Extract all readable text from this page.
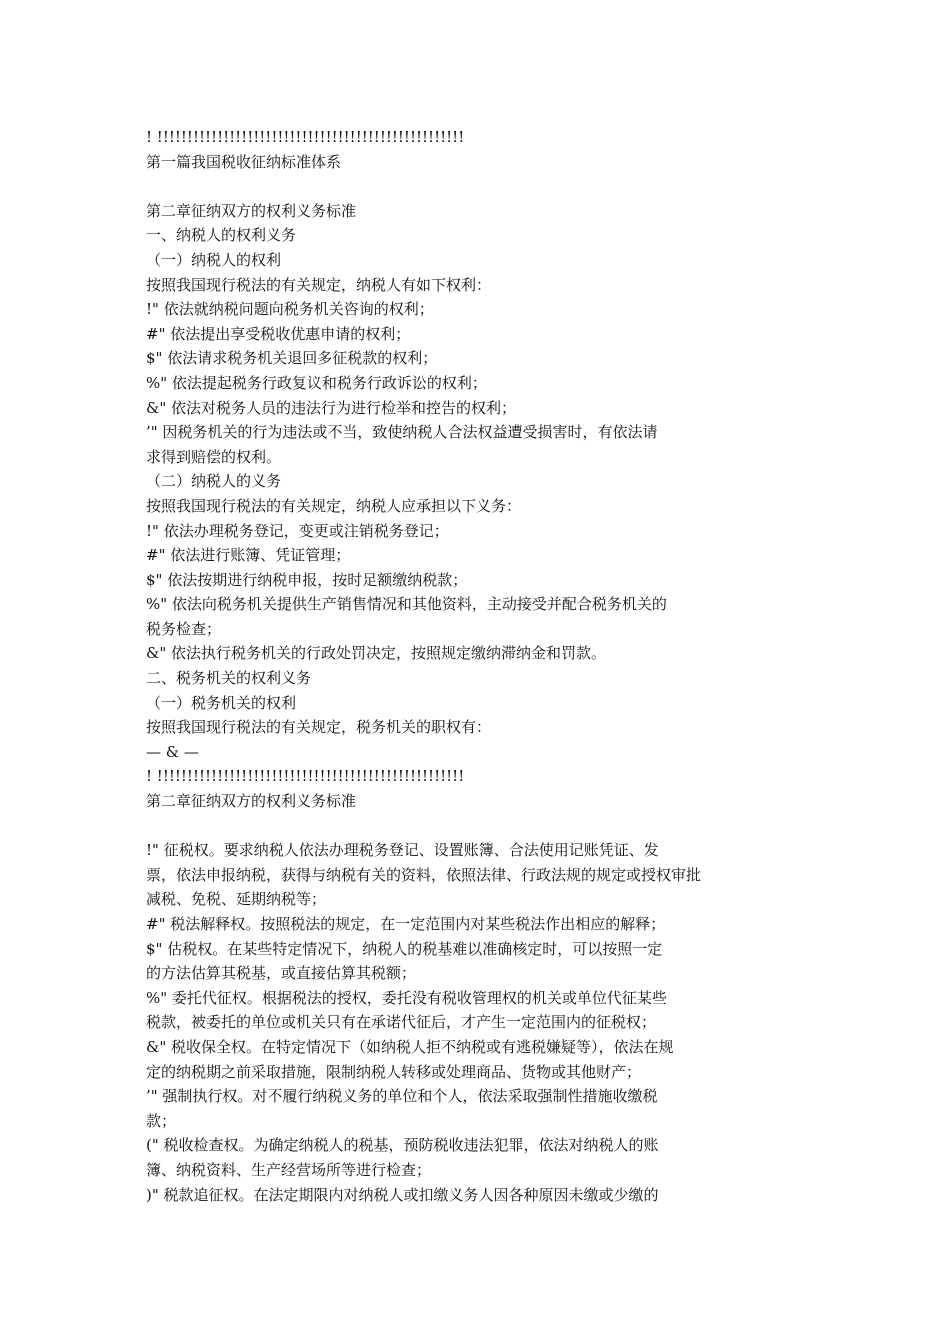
! !!!!!!!!!!!!!!!!!!!!!!!!!!!!!!!!!!!!!!!!!!!!!!!!!!!
第一篇我国税收征纳标准体系
第二章征纳双方的权利义务标准
一、纳税人的权利义务
（一）纳税人的权利
按照我国现行税法的有关规定，纳税人有如下权利：
!" 依法就纳税问题向税务机关咨询的权利；
#" 依法提出享受税收优惠申请的权利；
$" 依法请求税务机关退回多征税款的权利；
%" 依法提起税务行政复议和税务行政诉讼的权利；
&" 依法对税务人员的违法行为进行检举和控告的权利；
’" 因税务机关的行为违法或不当，致使纳税人合法权益遭受损害时，有依法请
求得到赔偿的权利。
（二）纳税人的义务
按照我国现行税法的有关规定，纳税人应承担以下义务：
!" 依法办理税务登记，变更或注销税务登记；
#" 依法进行账簿、凭证管理；
$" 依法按期进行纳税申报，按时足额缴纳税款；
%" 依法向税务机关提供生产销售情况和其他资料，主动接受并配合税务机关的
税务检查；
&" 依法执行税务机关的行政处罚决定，按照规定缴纳滞纳金和罚款。
二、税务机关的权利义务
（一）税务机关的权利
按照我国现行税法的有关规定，税务机关的职权有：
— & —
! !!!!!!!!!!!!!!!!!!!!!!!!!!!!!!!!!!!!!!!!!!!!!!!!!!!
第二章征纳双方的权利义务标准
!" 征税权。要求纳税人依法办理税务登记、设置账簿、合法使用记账凭证、发
票，依法申报纳税，获得与纳税有关的资料，依照法律、行政法规的规定或授权审批
减税、免税、延期纳税等；
#" 税法解释权。按照税法的规定，在一定范围内对某些税法作出相应的解释；
$" 估税权。在某些特定情况下，纳税人的税基难以准确核定时，可以按照一定
的方法估算其税基，或直接估算其税额；
%" 委托代征权。根据税法的授权，委托没有税收管理权的机关或单位代征某些
税款，被委托的单位或机关只有在承诺代征后，才产生一定范围内的征税权；
&" 税收保全权。在特定情况下（如纳税人拒不纳税或有逃税嫌疑等），依法在规
定的纳税期之前采取措施，限制纳税人转移或处理商品、货物或其他财产；
’" 强制执行权。对不履行纳税义务的单位和个人，依法采取强制性措施收缴税
款；
(" 税收检查权。为确定纳税人的税基，预防税收违法犯罪，依法对纳税人的账
簿、纳税资料、生产经营场所等进行检查；
)" 税款追征权。在法定期限内对纳税人或扣缴义务人因各种原因未缴或少缴的
